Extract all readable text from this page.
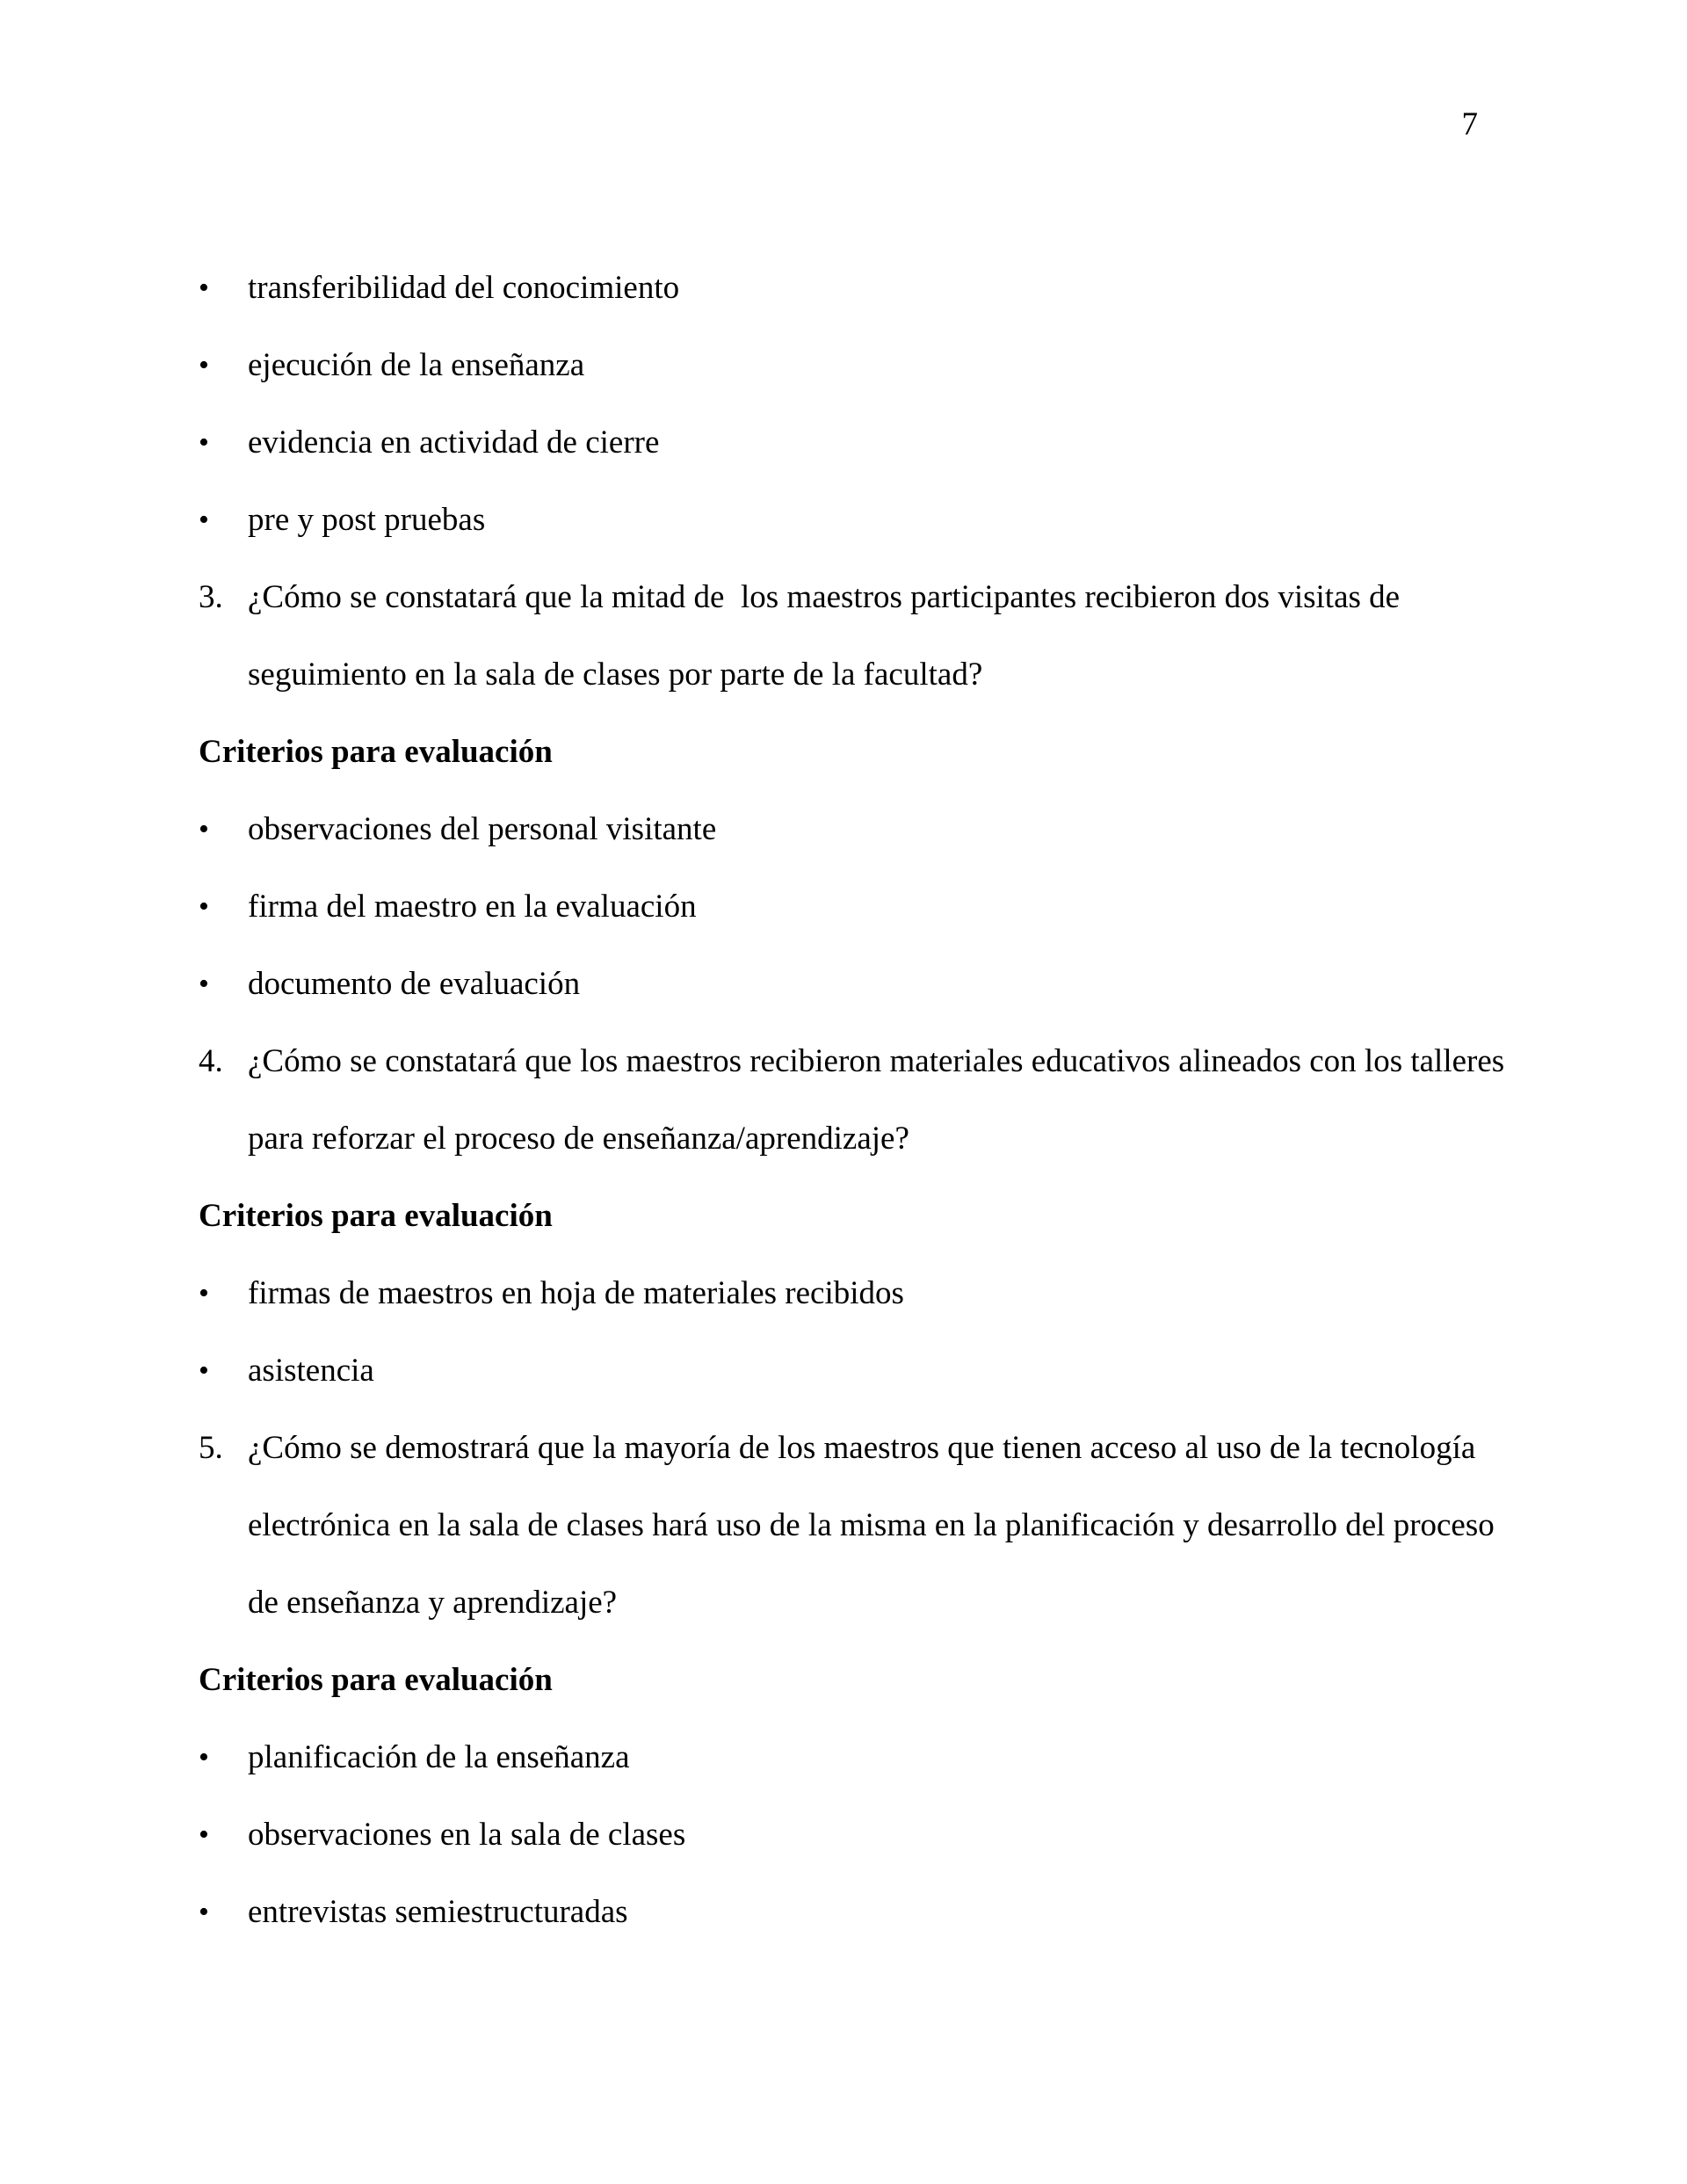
7
•	transferibilidad del conocimiento
•	ejecución de la enseñanza
•	evidencia en actividad de cierre
•	pre y post pruebas
3. ¿Cómo se constatará que la mitad de  los maestros participantes recibieron dos visitas de seguimiento en la sala de clases por parte de la facultad?
Criterios para evaluación
•	observaciones del personal visitante
•	firma del maestro en la evaluación
•	documento de evaluación
4. ¿Cómo se constatará que los maestros recibieron materiales educativos alineados con los talleres para reforzar el proceso de enseñanza/aprendizaje?
Criterios para evaluación
•	firmas de maestros en hoja de materiales recibidos
•	asistencia
5. ¿Cómo se demostrará que la mayoría de los maestros que tienen acceso al uso de la tecnología electrónica en la sala de clases hará uso de la misma en la planificación y desarrollo del proceso de enseñanza y aprendizaje?
Criterios para evaluación
•	planificación de la enseñanza
•	observaciones en la sala de clases
•	entrevistas semiestructuradas
